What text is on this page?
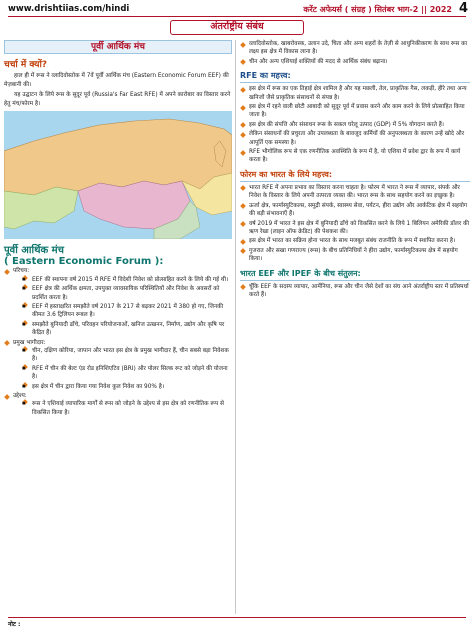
www.drishtiias.com/hindi	करेंट अफेयर्स ( संग्रह ) सितंबर भाग-2 || 2022 4
अंतर्राष्ट्रीय संबंध
पूर्वी आर्थिक मंच
चर्चा में क्यों?

हाल ही में रूस ने व्लादिवोस्तोक में 7वें पूर्वी आर्थिक मंच (Eastern Economic Forum EEF) की मेज़बानी की।

यह उद्घाटन के लिये रूस के सुदूर पूर्व (Russia's Far East RFE) में अपने कारोबार का विस्तार करने हेतु मंच/फोरम है।

पूर्वी आर्थिक मंच
( Eastern Economic Forum ):
परिचय:
◆ EEF की स्थापना वर्ष 2015 में RFE में विदेशी निवेश को प्रोत्साहित करने के लिये की गई थी।
◆ EEF क्षेत्र की आर्थिक क्षमता, उपयुक्त व्यावसायिक परिस्थितियों और निवेश के अवसरों को प्रदर्शित करता है।
◆ EEF में हस्ताक्षरित समझौते वर्ष 2017 के 217 से बढ़कर 2021 में 380 हो गए, जिनकी कीमत 3.6 ट्रिलियन रूबल है।
◆ समझौते बुनियादी ढाँचे, परिवहन परियोजनाओं, खनिज उत्खनन, निर्माण, उद्योग और कृषि पर केंद्रित हैं।
प्रमुख भागीदार:
◆ चीन, दक्षिण कोरिया, जापान और भारत इस क्षेत्र के प्रमुख भागीदार हैं, चीन सबसे बड़ा निवेशक है।
◆ RFE में चीन की बेल्ट एंड रोड इनिशिएटिव (BRI) और पोलर सिल्क रूट को जोड़ने की योजना है।
◆ इस क्षेत्र में चीन द्वारा किया गया निवेश कुल निवेश का 90% है।
उद्देश्य:
◆ रूस ने एशियाई व्यापारिक मार्गों से रूस को जोड़ने के उद्देश्य से इस क्षेत्र को रणनीतिक रूप से विकसित किया है।
व्लादिवोस्तोक, खाबरोवस्क, उलान उदे, चिता और अन्य शहरों के तेज़ी से आधुनिकीकरण के साथ रूस का लक्ष्य इस क्षेत्र में विकास लाना है।
चीन और अन्य एशियाई शक्तियों की मदद से आर्थिक संबंध बढ़ाना।
RFE का महत्त्व:
इस क्षेत्र में रूस का एक तिहाई क्षेत्र शामिल है और यह मछली, तेल, प्राकृतिक गैस, लकड़ी, हीरे तथा अन्य खनिजों जैसे प्राकृतिक संसाधनों से संपन्न है।
इस क्षेत्र में रहने वाली छोटी आबादी को सुदूर पूर्व में प्रवास करने और काम करने के लिये प्रोत्साहित किया जाता है।
इस क्षेत्र की संपत्ति और संसाधन रूस के सकल घरेलू उत्पाद (GDP) में 5% योगदान करते हैं।
लेकिन संसाधनों की प्रचुरता और उपलब्धता के बावजूद कर्मियों की अनुपलब्धता के कारण उन्हें खोदे और आपूर्ति एक समस्या है।
RFE भौगोलिक रूप से एक रणनीतिक अवस्थिति के रूप में है, यो एशिया में प्रवेश द्वार के रूप में कार्य करता है।
फोरम का भारत के लिये महत्त्व:
भारत RFE में अपना प्रभाव का विस्तार करना चाहता है। फोरम में भारत ने रूस में व्यापार, संपर्क और निवेश के विस्तार के लिये अपनी तत्परता व्यक्त की। भारत रूस के साथ सहयोग करने का इच्छुक है।
ऊर्जा क्षेत्र, फार्मास्युटिकल्स, समुद्री संपर्क, स्वास्थ्य सेवा, पर्यटन, हीरा उद्योग और आर्कटिक क्षेत्र में सहयोग की बड़ी संभावनाएँ हैं।
वर्ष 2019 में भारत ने इस क्षेत्र में बुनियादी ढाँचे को विकसित करने के लिये 1 बिलियन अमेरिकी डॉलर की ऋण रेखा (लाइन ऑफ क्रेडिट) की पेशकश की।
इस क्षेत्र में भारत का सक्रिय होना भारत के साथ मजबूत संबंध राजनीति के रूप में स्थापित करना है।
गुजरात और सखा गणराज्य (रूस) के बीच प्रतिनिधियों ने हीरा उद्योग, फार्मास्युटिकल्स क्षेत्र में सहयोग किया।
भारत EEF और IPEF के बीच संतुलन:
चूँकि EEF के सदस्य व्यापार, आर्मेनिया, रूस और चीन जैसे देशों का संघ आने अंतर्राष्ट्रीय स्तर में प्रतिस्पर्धा करते हैं।
नोट :
